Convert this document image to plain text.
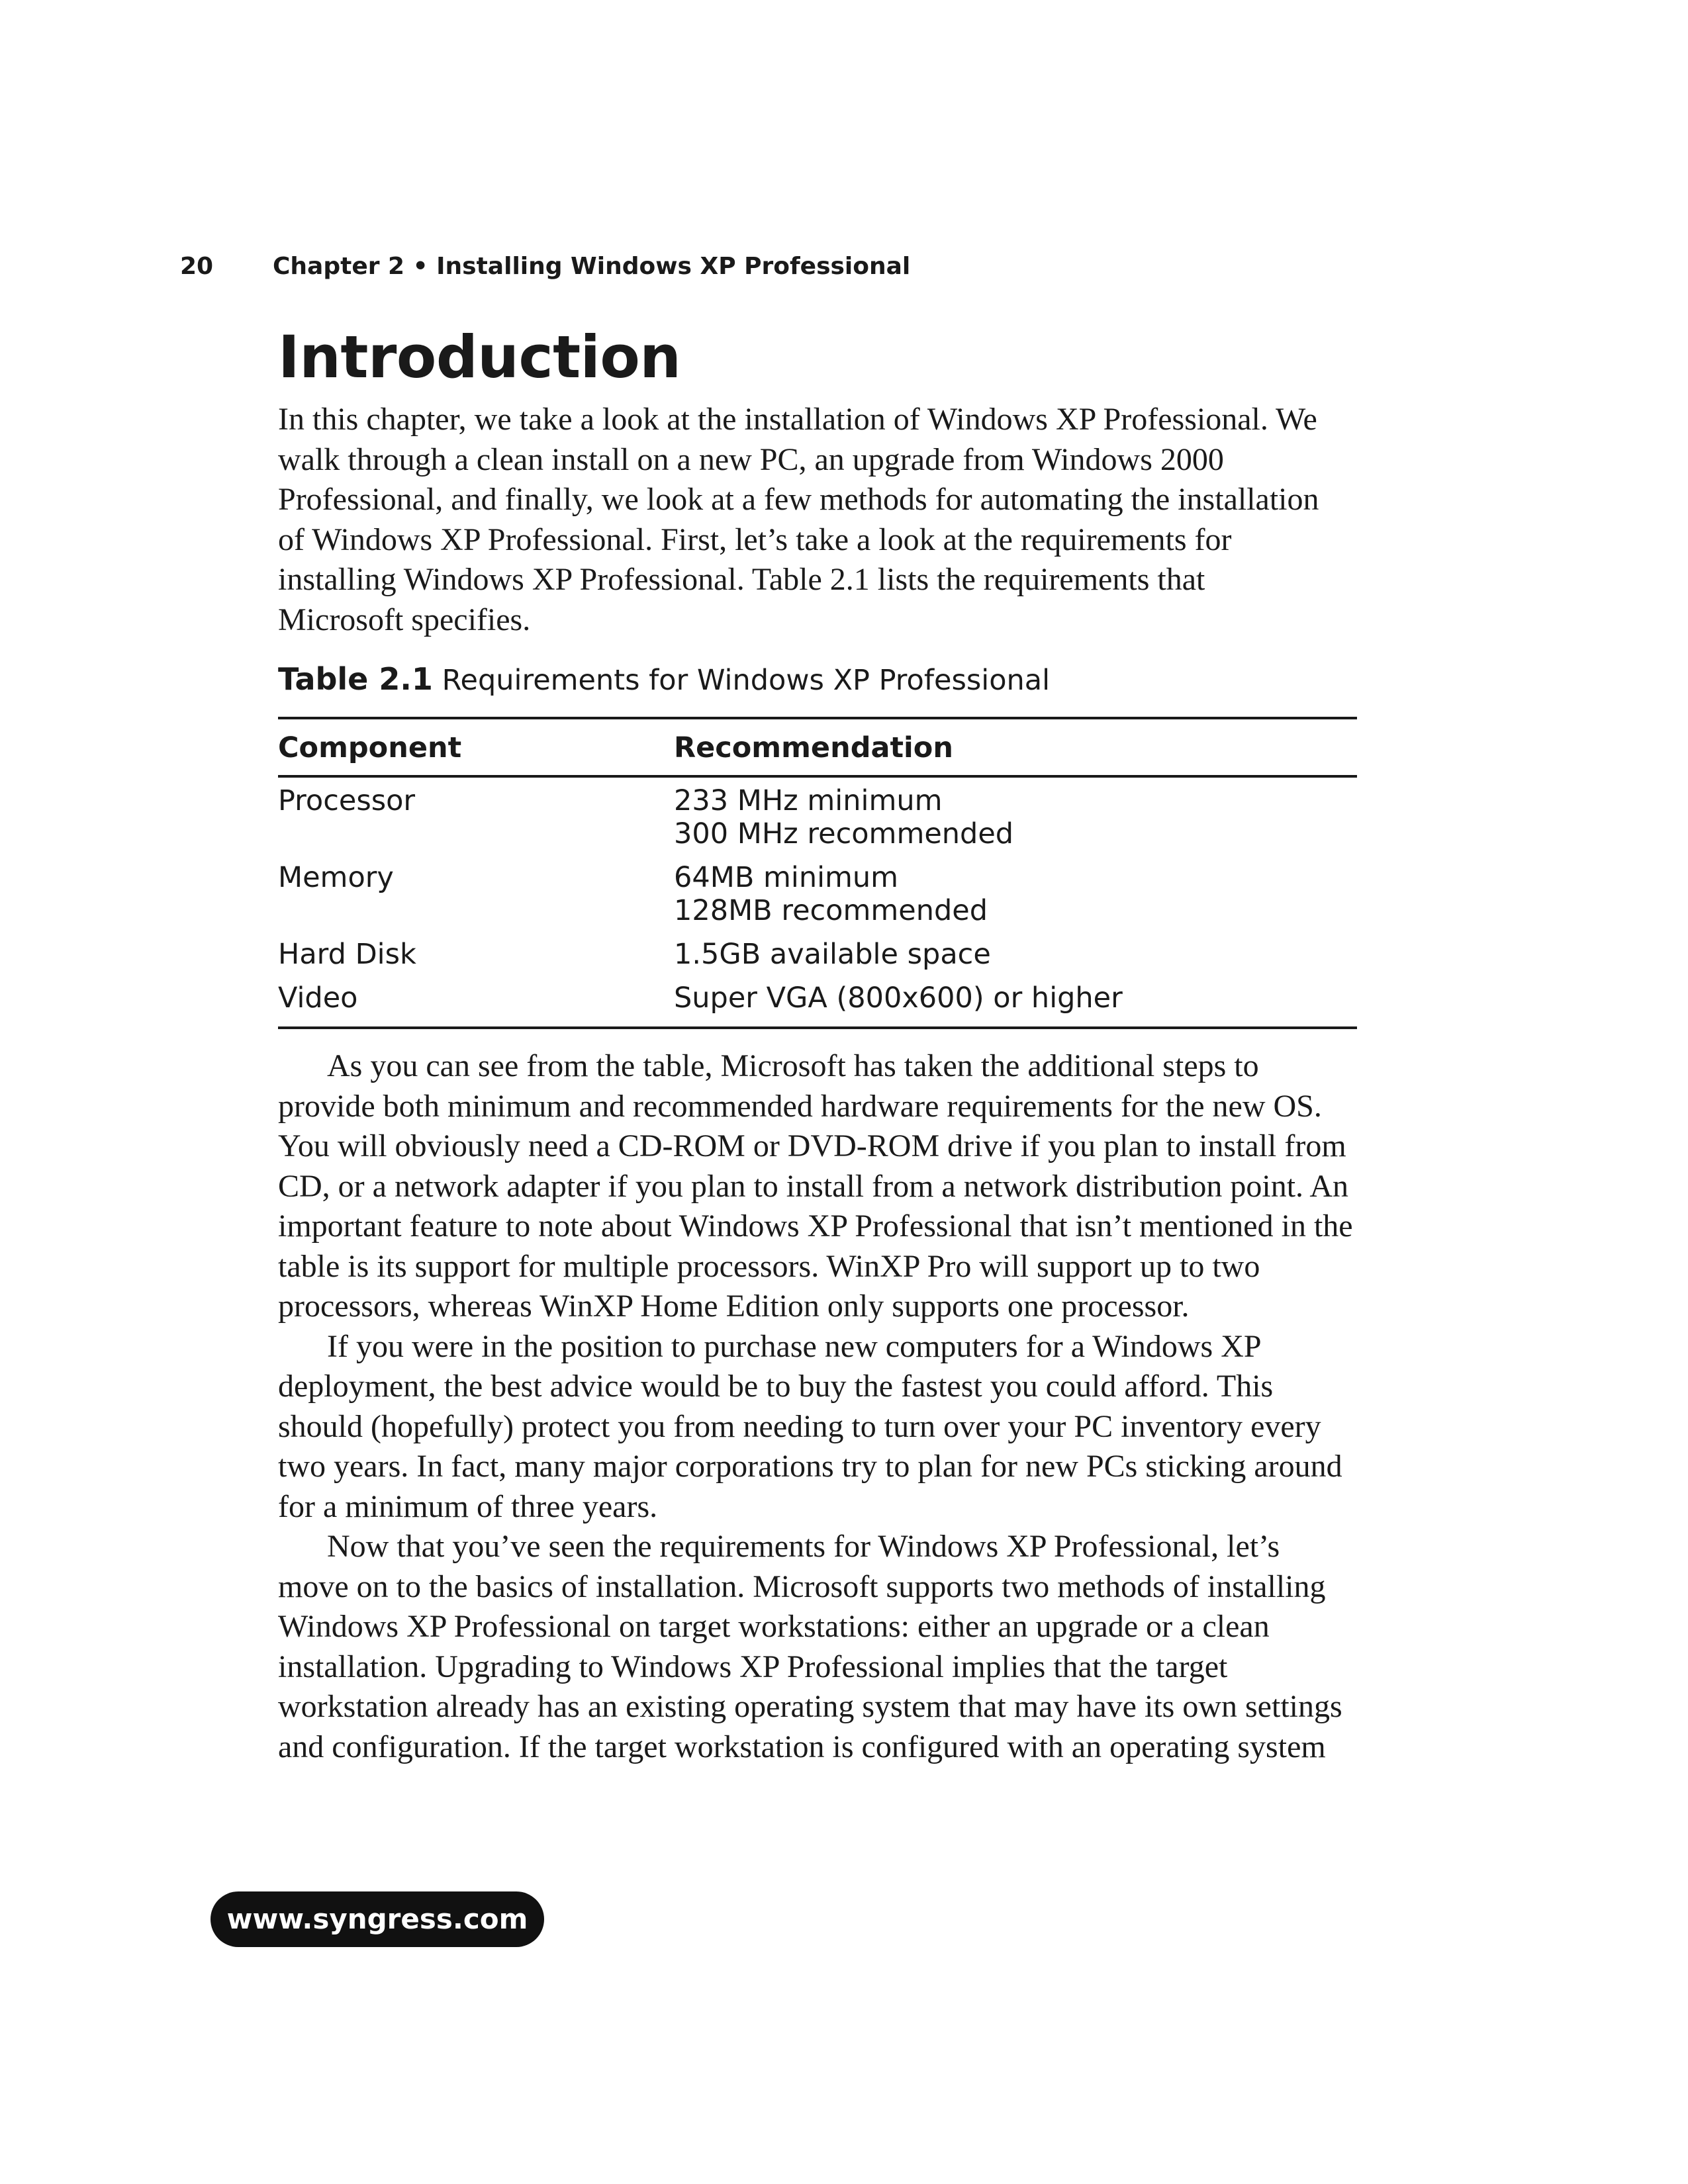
20 Chapter 2 • Installing Windows XP Professional
Introduction

In this chapter, we take a look at the installation of Windows XP Professional. We walk through a clean install on a new PC, an upgrade from Windows 2000 Professional, and finally, we look at a few methods for automating the installation of Windows XP Professional. First, let’s take a look at the requirements for installing Windows XP Professional. Table 2.1 lists the requirements that Microsoft specifies.

Table 2.1 Requirements for Windows XP Professional
Component	Recommendation
Processor	233 MHz minimum
300 MHz recommended

Memory	64MB minimum
128MB recommended

Hard Disk	1.5GB available space

Video	Super VGA (800x600) or higher

As you can see from the table, Microsoft has taken the additional steps to provide both minimum and recommended hardware requirements for the new OS. You will obviously need a CD-ROM or DVD-ROM drive if you plan to install from CD, or a network adapter if you plan to install from a network distribution point. An important feature to note about Windows XP Professional that isn’t mentioned in the table is its support for multiple processors. WinXP Pro will support up to two processors, whereas WinXP Home Edition only supports one processor.

If you were in the position to purchase new computers for a Windows XP deployment, the best advice would be to buy the fastest you could afford. This should (hopefully) protect you from needing to turn over your PC inventory every two years. In fact, many major corporations try to plan for new PCs sticking around for a minimum of three years.

Now that you’ve seen the requirements for Windows XP Professional, let’s move on to the basics of installation. Microsoft supports two methods of installing Windows XP Professional on target workstations: either an upgrade or a clean installation. Upgrading to Windows XP Professional implies that the target workstation already has an existing operating system that may have its own settings and configuration. If the target workstation is configured with an operating system

www.syngress.com
